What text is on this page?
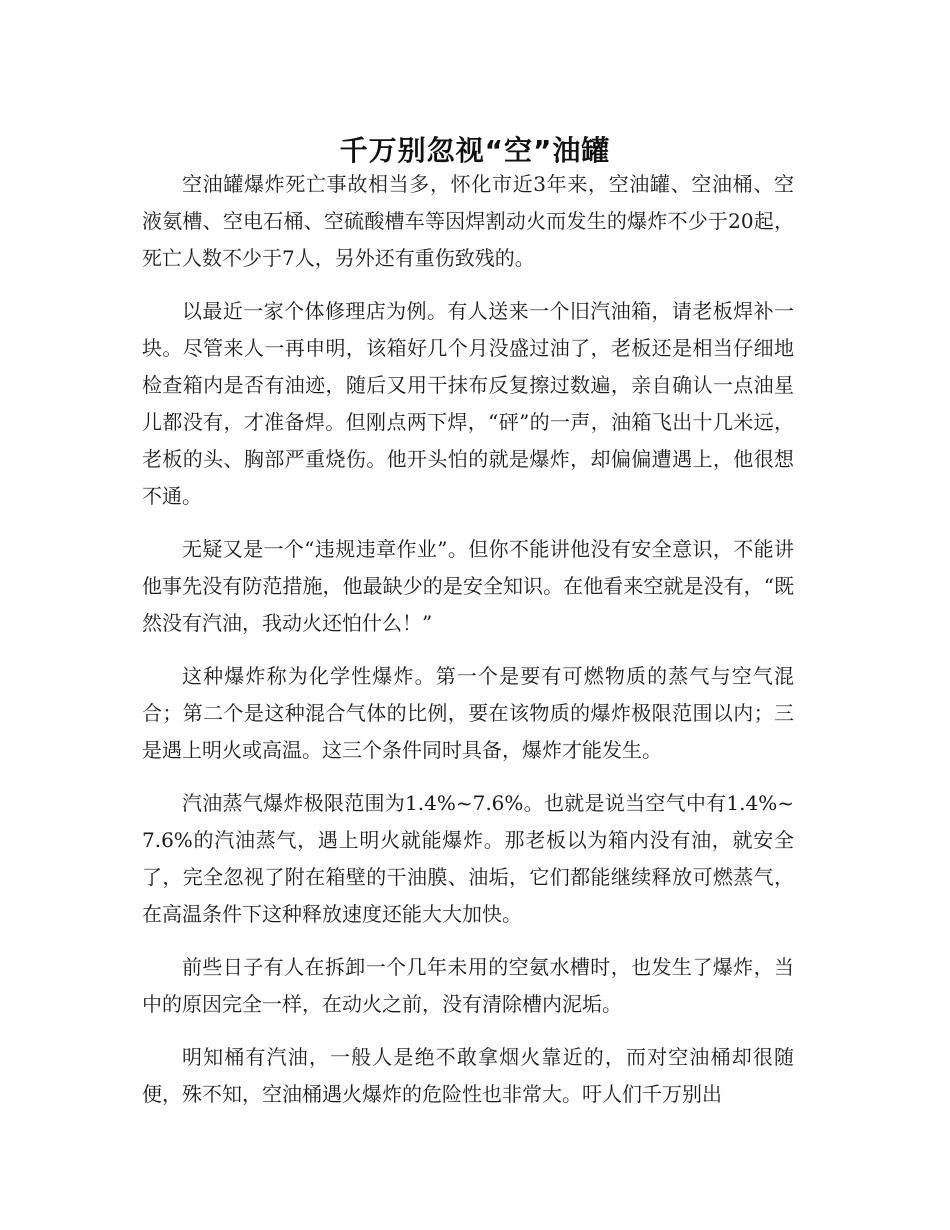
千万别忽视“空”油罐

空油罐爆炸死亡事故相当多，怀化市近3年来，空油罐、空油桶、空液氨槽、空电石桶、空硫酸槽车等因焊割动火而发生的爆炸不少于20起，死亡人数不少于7人，另外还有重伤致残的。

以最近一家个体修理店为例。有人送来一个旧汽油箱，请老板焊补一块。尽管来人一再申明，该箱好几个月没盛过油了，老板还是相当仔细地检查箱内是否有油迹，随后又用干抹布反复擦过数遍，亲自确认一点油星儿都没有，才准备焊。但刚点两下焊，“砰”的一声，油箱飞出十几米远，老板的头、胸部严重烧伤。他开头怕的就是爆炸，却偏偏遭遇上，他很想不通。

无疑又是一个“违规违章作业”。但你不能讲他没有安全意识，不能讲他事先没有防范措施，他最缺少的是安全知识。在他看来空就是没有，“既然没有汽油，我动火还怕什么！”

这种爆炸称为化学性爆炸。第一个是要有可燃物质的蒸气与空气混合；第二个是这种混合气体的比例，要在该物质的爆炸极限范围以内；三是遇上明火或高温。这三个条件同时具备，爆炸才能发生。

汽油蒸气爆炸极限范围为1.4%~7.6%。也就是说当空气中有1.4%~7.6%的汽油蒸气，遇上明火就能爆炸。那老板以为箱内没有油，就安全了，完全忽视了附在箱壁的干油膜、油垢，它们都能继续释放可燃蒸气，在高温条件下这种释放速度还能大大加快。

前些日子有人在拆卸一个几年未用的空氨水槽时，也发生了爆炸，当中的原因完全一样，在动火之前，没有清除槽内泥垢。

明知桶有汽油，一般人是绝不敢拿烟火靠近的，而对空油桶却很随便，殊不知，空油桶遇火爆炸的危险性也非常大。吁人们千万别出
